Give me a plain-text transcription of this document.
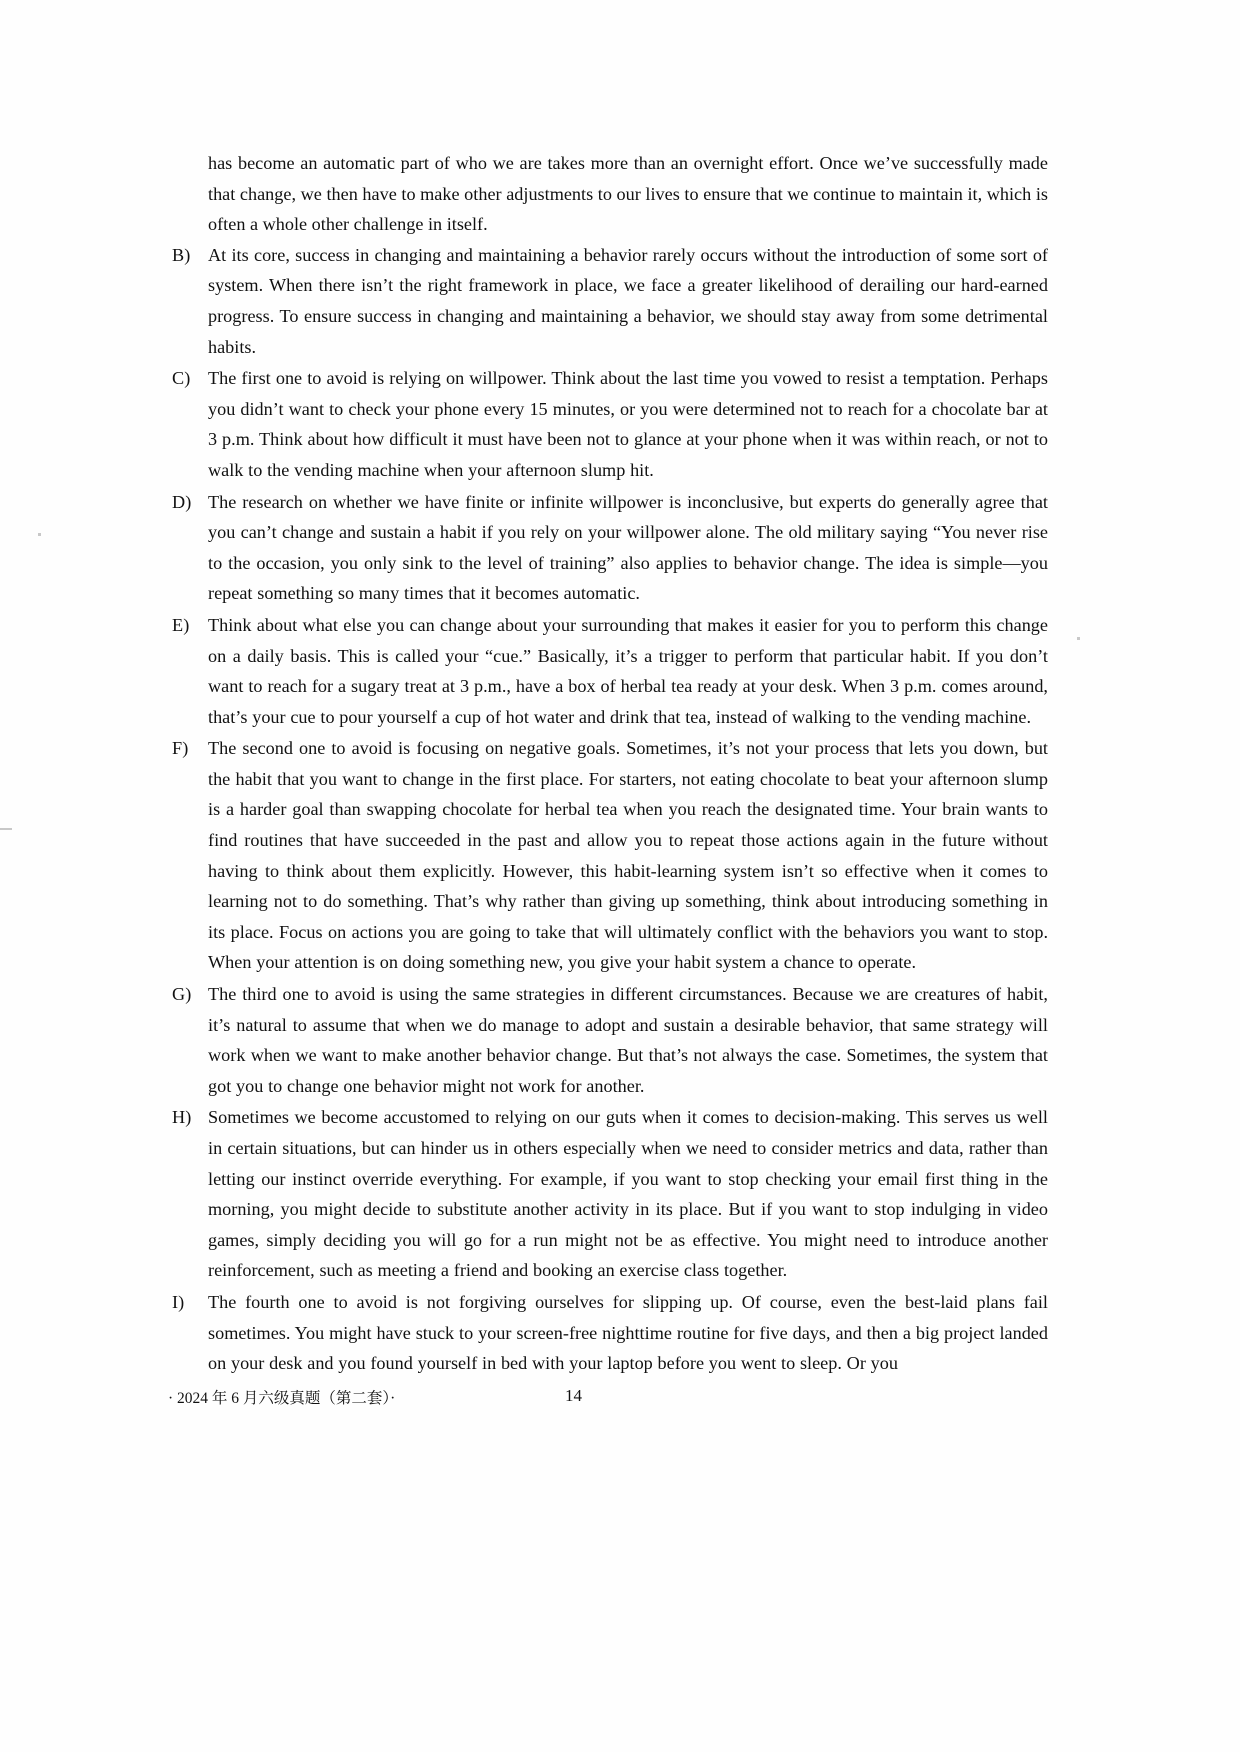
has become an automatic part of who we are takes more than an overnight effort. Once we’ve successfully made that change, we then have to make other adjustments to our lives to ensure that we continue to maintain it, which is often a whole other challenge in itself.
B) At its core, success in changing and maintaining a behavior rarely occurs without the introduction of some sort of system. When there isn’t the right framework in place, we face a greater likelihood of derailing our hard-earned progress. To ensure success in changing and maintaining a behavior, we should stay away from some detrimental habits.
C) The first one to avoid is relying on willpower. Think about the last time you vowed to resist a temptation. Perhaps you didn’t want to check your phone every 15 minutes, or you were determined not to reach for a chocolate bar at 3 p.m. Think about how difficult it must have been not to glance at your phone when it was within reach, or not to walk to the vending machine when your afternoon slump hit.
D) The research on whether we have finite or infinite willpower is inconclusive, but experts do generally agree that you can’t change and sustain a habit if you rely on your willpower alone. The old military saying “You never rise to the occasion, you only sink to the level of training” also applies to behavior change. The idea is simple—you repeat something so many times that it becomes automatic.
E)	Think about what else you can change about your surrounding that makes it easier for you to perform this change on a daily basis. This is called your “cue.” Basically, it’s a trigger to perform that particular habit. If you don’t want to reach for a sugary treat at 3 p.m., have a box of herbal tea ready at your desk. When 3 p.m. comes around, that’s your cue to pour yourself a cup of hot water and drink that tea, instead of walking to the vending machine.
F)	The second one to avoid is focusing on negative goals. Sometimes, it’s not your process that lets you down, but the habit that you want to change in the first place. For starters, not eating chocolate to beat your afternoon slump is a harder goal than swapping chocolate for herbal tea when you reach the designated time. Your brain wants to find routines that have succeeded in the past and allow you to repeat those actions again in the future without having to think about them explicitly. However, this habit-learning system isn’t so effective when it comes to learning not to do something. That’s why rather than giving up something, think about introducing something in its place. Focus on actions you are going to take that will ultimately conflict with the behaviors you want to stop. When your attention is on doing something new, you give your habit system a chance to operate.
G) The third one to avoid is using the same strategies in different circumstances. Because we are creatures of habit, it’s natural to assume that when we do manage to adopt and sustain a desirable behavior, that same strategy will work when we want to make another behavior change. But that’s not always the case. Sometimes, the system that got you to change one behavior might not work for another.
H) Sometimes we become accustomed to relying on our guts when it comes to decision-making. This serves us well in certain situations, but can hinder us in others especially when we need to consider metrics and data, rather than letting our instinct override everything. For example, if you want to stop checking your email first thing in the morning, you might decide to substitute another activity in its place. But if you want to stop indulging in video games, simply deciding you will go for a run might not be as effective. You might need to introduce another reinforcement, such as meeting a friend and booking an exercise class together.
I)	The fourth one to avoid is not forgiving ourselves for slipping up. Of course, even the best-laid plans fail sometimes. You might have stuck to your screen-free nighttime routine for five days, and then a big project landed on your desk and you found yourself in bed with your laptop before you went to sleep. Or you
· 2024 年 6 月六级真题（第二套）·	14
